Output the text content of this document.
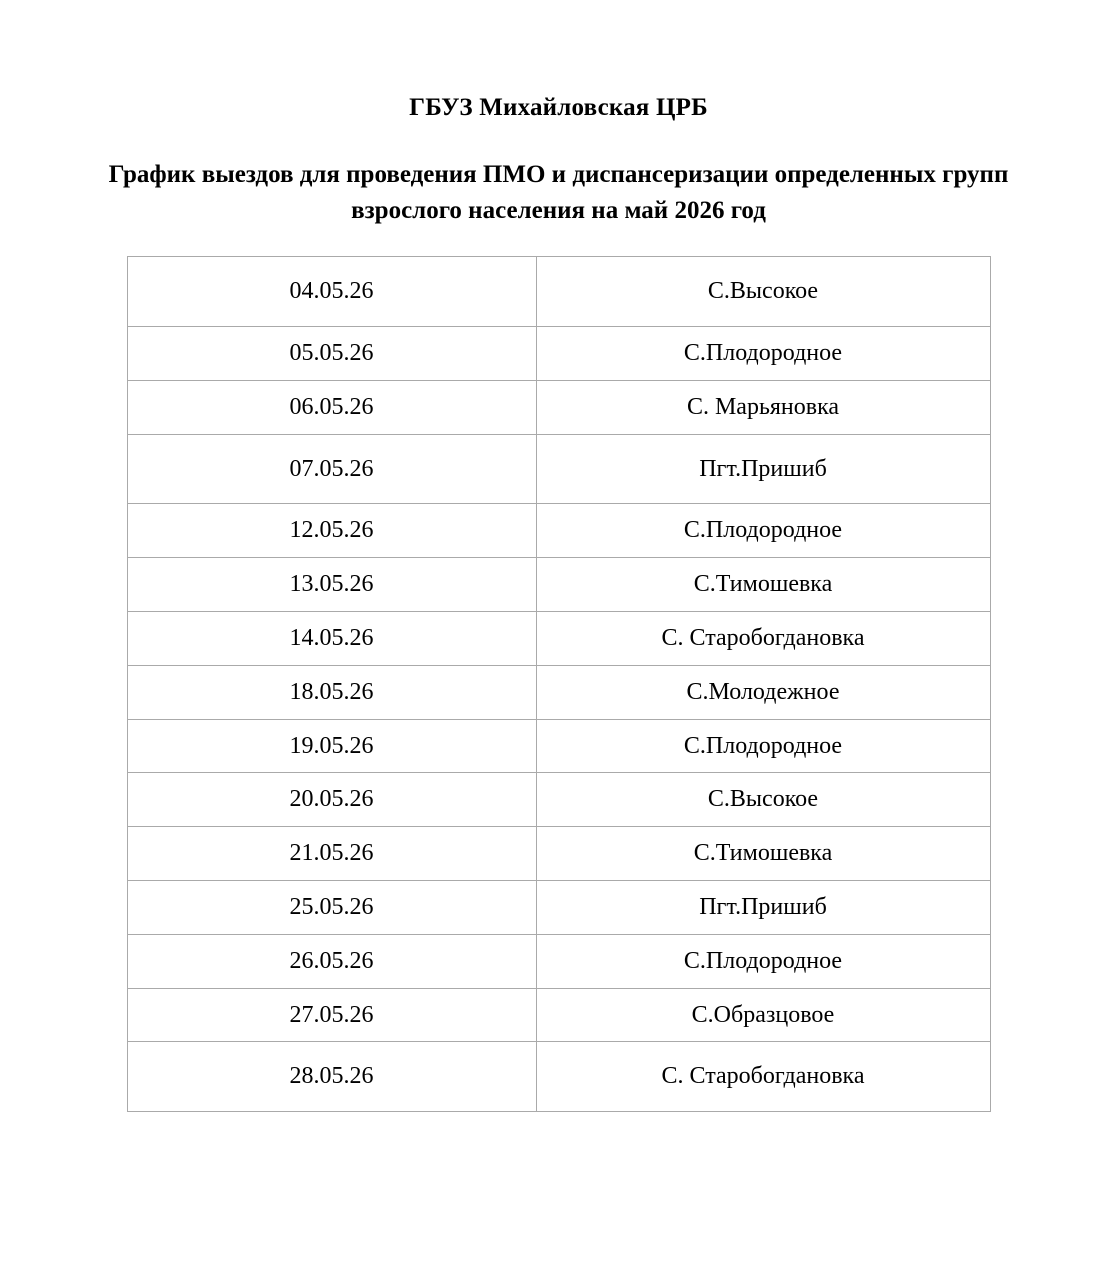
ГБУЗ Михайловская ЦРБ
График выездов для проведения ПМО и диспансеризации определенных групп взрослого населения на май 2026 год
04.05.26	С.Высокое
05.05.26	С.Плодородное
06.05.26	С. Марьяновка
07.05.26	Пгт.Пришиб
12.05.26	С.Плодородное
13.05.26	С.Тимошевка
14.05.26	С. Старобогдановка
18.05.26	С.Молодежное
19.05.26	С.Плодородное
20.05.26	С.Высокое
21.05.26	С.Тимошевка
25.05.26	Пгт.Пришиб
26.05.26	С.Плодородное
27.05.26	С.Образцовое
28.05.26	С. Старобогдановка
